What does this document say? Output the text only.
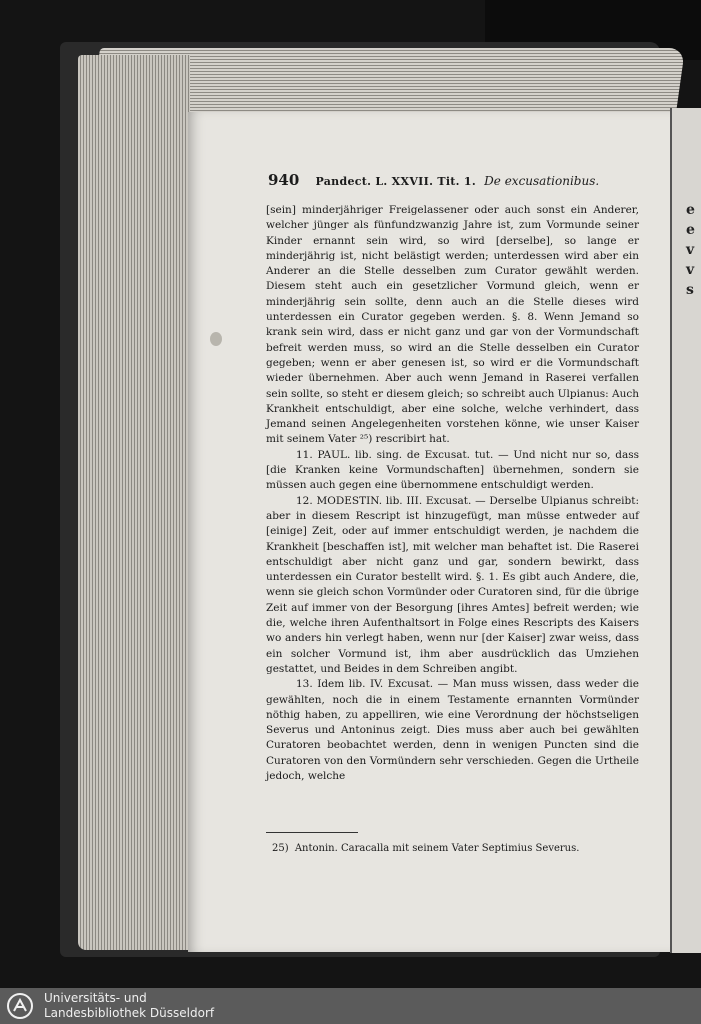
e
e
v
v
s
940 Pandect. L. XXVII. Tit. 1. De excusationibus.

[sein] minderjähriger Freigelassener oder auch sonst ein Anderer, welcher jünger als fünfundzwanzig Jahre ist, zum Vormunde seiner Kinder ernannt sein wird, so wird [derselbe], so lange er minderjährig ist, nicht belästigt werden; unterdessen wird aber ein Anderer an die Stelle desselben zum Curator gewählt werden. Diesem steht auch ein gesetzlicher Vormund gleich, wenn er minderjährig sein sollte, denn auch an die Stelle dieses wird unterdessen ein Curator gegeben werden. §. 8. Wenn Jemand so krank sein wird, dass er nicht ganz und gar von der Vormundschaft befreit werden muss, so wird an die Stelle desselben ein Curator gegeben; wenn er aber genesen ist, so wird er die Vormundschaft wieder übernehmen. Aber auch wenn Jemand in Raserei verfallen sein sollte, so steht er diesem gleich; so schreibt auch Ulpianus: Auch Krankheit entschuldigt, aber eine solche, welche verhindert, dass Jemand seinen Angelegenheiten vorstehen könne, wie unser Kaiser mit seinem Vater ²⁵) rescribirt hat.

11. PAUL. lib. sing. de Excusat. tut. — Und nicht nur so, dass [die Kranken keine Vormundschaften] übernehmen, sondern sie müssen auch gegen eine übernommene entschuldigt werden.

12. MODESTIN. lib. III. Excusat. — Derselbe Ulpianus schreibt: aber in diesem Rescript ist hinzugefügt, man müsse entweder auf [einige] Zeit, oder auf immer entschuldigt werden, je nachdem die Krankheit [beschaffen ist], mit welcher man behaftet ist. Die Raserei entschuldigt aber nicht ganz und gar, sondern bewirkt, dass unterdessen ein Curator bestellt wird. §. 1. Es gibt auch Andere, die, wenn sie gleich schon Vormünder oder Curatoren sind, für die übrige Zeit auf immer von der Besorgung [ihres Amtes] befreit werden; wie die, welche ihren Aufenthaltsort in Folge eines Rescripts des Kaisers wo anders hin verlegt haben, wenn nur [der Kaiser] zwar weiss, dass ein solcher Vormund ist, ihm aber ausdrücklich das Umziehen gestattet, und Beides in dem Schreiben angibt.

13. Idem lib. IV. Excusat. — Man muss wissen, dass weder die gewählten, noch die in einem Testamente ernannten Vormünder nöthig haben, zu appelliren, wie eine Verordnung der höchstseligen Severus und Antoninus zeigt. Dies muss aber auch bei gewählten Curatoren beobachtet werden, denn in wenigen Puncten sind die Curatoren von den Vormündern sehr verschieden. Gegen die Urtheile jedoch, welche

25) Antonin. Caracalla mit seinem Vater Septimius Severus.
Universitäts- und
Landesbibliothek Düsseldorf
